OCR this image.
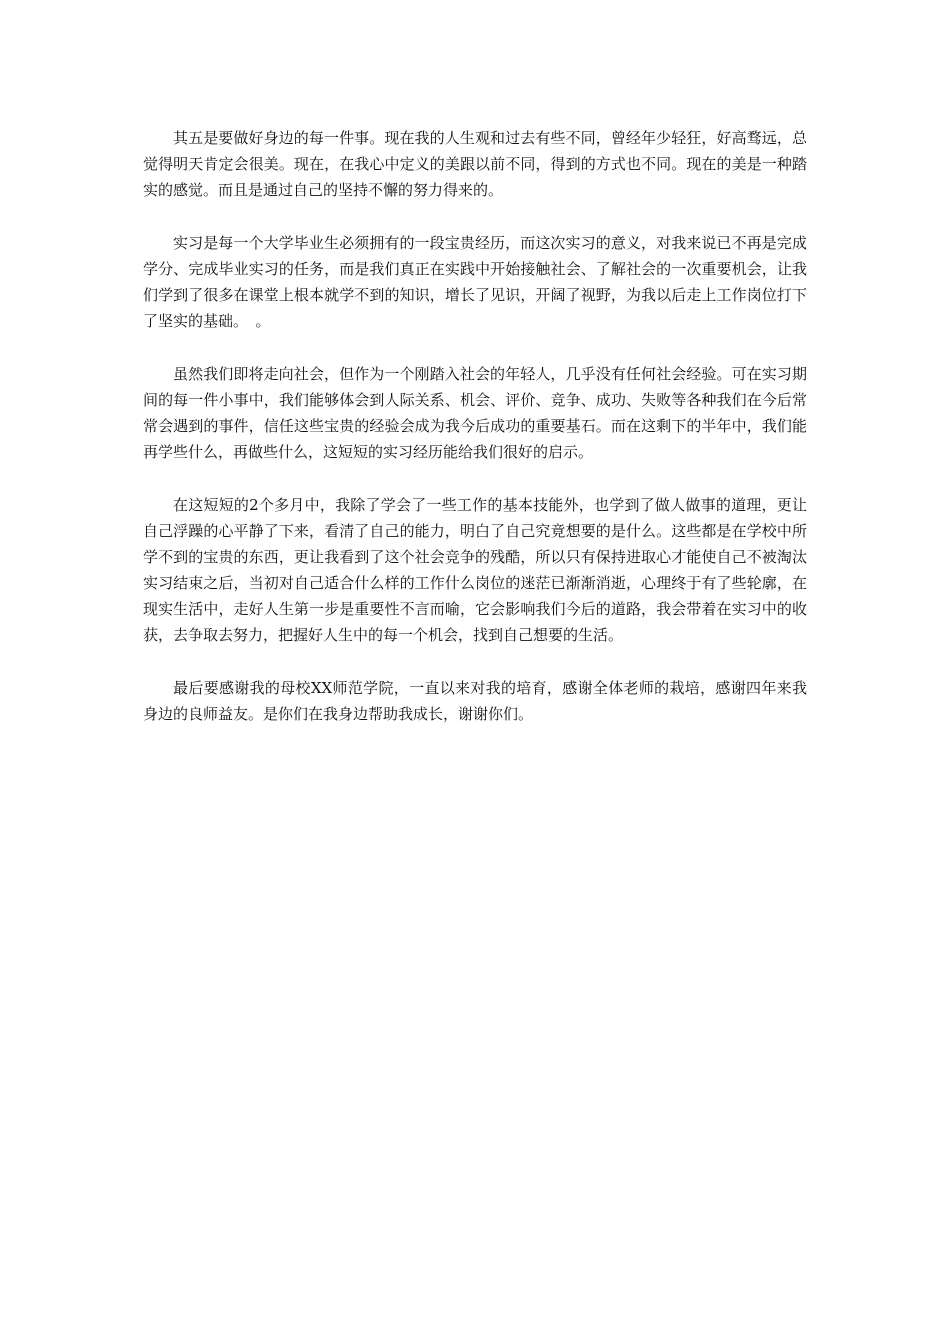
其五是要做好身边的每一件事。现在我的人生观和过去有些不同，曾经年少轻狂，好高骛远，总觉得明天肯定会很美。现在，在我心中定义的美跟以前不同，得到的方式也不同。现在的美是一种踏实的感觉。而且是通过自己的坚持不懈的努力得来的。

实习是每一个大学毕业生必须拥有的一段宝贵经历，而这次实习的意义，对我来说已不再是完成学分、完成毕业实习的任务，而是我们真正在实践中开始接触社会、了解社会的一次重要机会，让我们学到了很多在课堂上根本就学不到的知识，增长了见识，开阔了视野，为我以后走上工作岗位打下了坚实的基础。　。

虽然我们即将走向社会，但作为一个刚踏入社会的年轻人，几乎没有任何社会经验。可在实习期间的每一件小事中，我们能够体会到人际关系、机会、评价、竞争、成功、失败等各种我们在今后常常会遇到的事件，信任这些宝贵的经验会成为我今后成功的重要基石。而在这剩下的半年中，我们能再学些什么，再做些什么，这短短的实习经历能给我们很好的启示。

在这短短的2个多月中，我除了学会了一些工作的基本技能外，也学到了做人做事的道理，更让自己浮躁的心平静了下来，看清了自己的能力，明白了自己究竟想要的是什么。这些都是在学校中所学不到的宝贵的东西，更让我看到了这个社会竞争的残酷，所以只有保持进取心才能使自己不被淘汰 实习结束之后，当初对自己适合什么样的工作什么岗位的迷茫已渐渐消逝，心理终于有了些轮廓，在现实生活中，走好人生第一步是重要性不言而喻，它会影响我们今后的道路，我会带着在实习中的收获，去争取去努力，把握好人生中的每一个机会，找到自己想要的生活。

最后要感谢我的母校XX师范学院，一直以来对我的培育，感谢全体老师的栽培，感谢四年来我身边的良师益友。是你们在我身边帮助我成长，谢谢你们。
